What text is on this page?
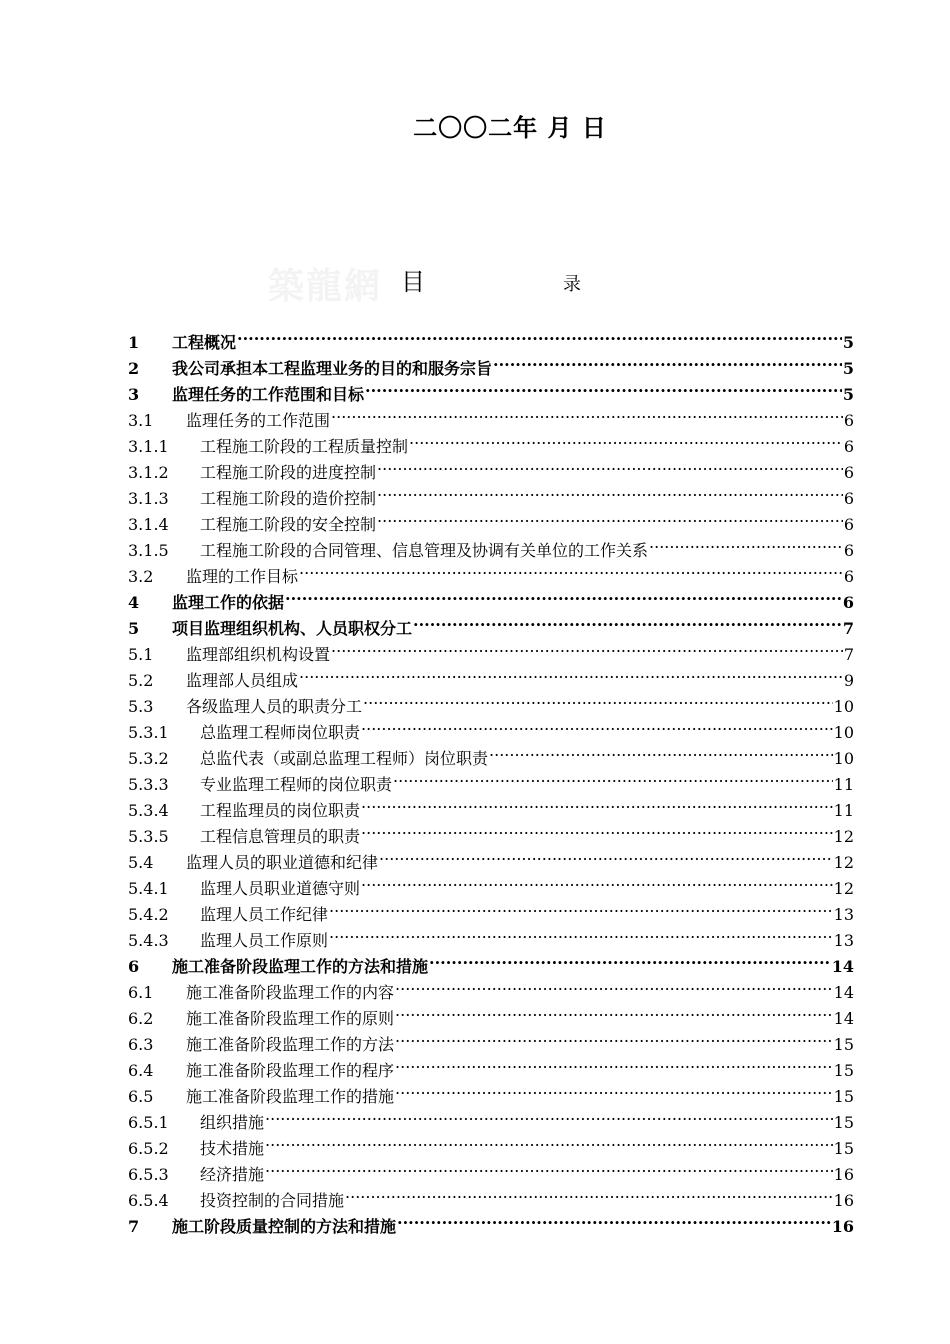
二〇〇二年 月 日
築龍網 目	录
1	工程概况 .....	5
2	我公司承担本工程监理业务的目的和服务宗旨 .....	5
3	监理任务的工作范围和目标 .....	5
3.1	监理任务的工作范围 .....	6
3.1.1	工程施工阶段的工程质量控制 .....	6
3.1.2	工程施工阶段的进度控制 .....	6
3.1.3	工程施工阶段的造价控制 .....	6
3.1.4	工程施工阶段的安全控制 .....	6
3.1.5	工程施工阶段的合同管理、信息管理及协调有关单位的工作关系 .....	6
3.2	监理的工作目标 .....	6
4	监理工作的依据 .....	6
5	项目监理组织机构、人员职权分工 .....	7
5.1	监理部组织机构设置 .....	7
5.2	监理部人员组成 .....	9
5.3	各级监理人员的职责分工 .....	10
5.3.1	总监理工程师岗位职责 .....	10
5.3.2	总监代表（或副总监理工程师）岗位职责 .....	10
5.3.3	专业监理工程师的岗位职责 .....	11
5.3.4	工程监理员的岗位职责 .....	11
5.3.5	工程信息管理员的职责 .....	12
5.4	监理人员的职业道德和纪律 .....	12
5.4.1	监理人员职业道德守则 .....	12
5.4.2	监理人员工作纪律 .....	13
5.4.3	监理人员工作原则 .....	13
6	施工准备阶段监理工作的方法和措施 .....	14
6.1	施工准备阶段监理工作的内容 .....	14
6.2	施工准备阶段监理工作的原则 .....	14
6.3	施工准备阶段监理工作的方法 .....	15
6.4	施工准备阶段监理工作的程序 .....	15
6.5	施工准备阶段监理工作的措施 .....	15
6.5.1	组织措施 .....	15
6.5.2	技术措施 .....	15
6.5.3	经济措施 .....	16
6.5.4	投资控制的合同措施 .....	16
7	施工阶段质量控制的方法和措施 .....	16
